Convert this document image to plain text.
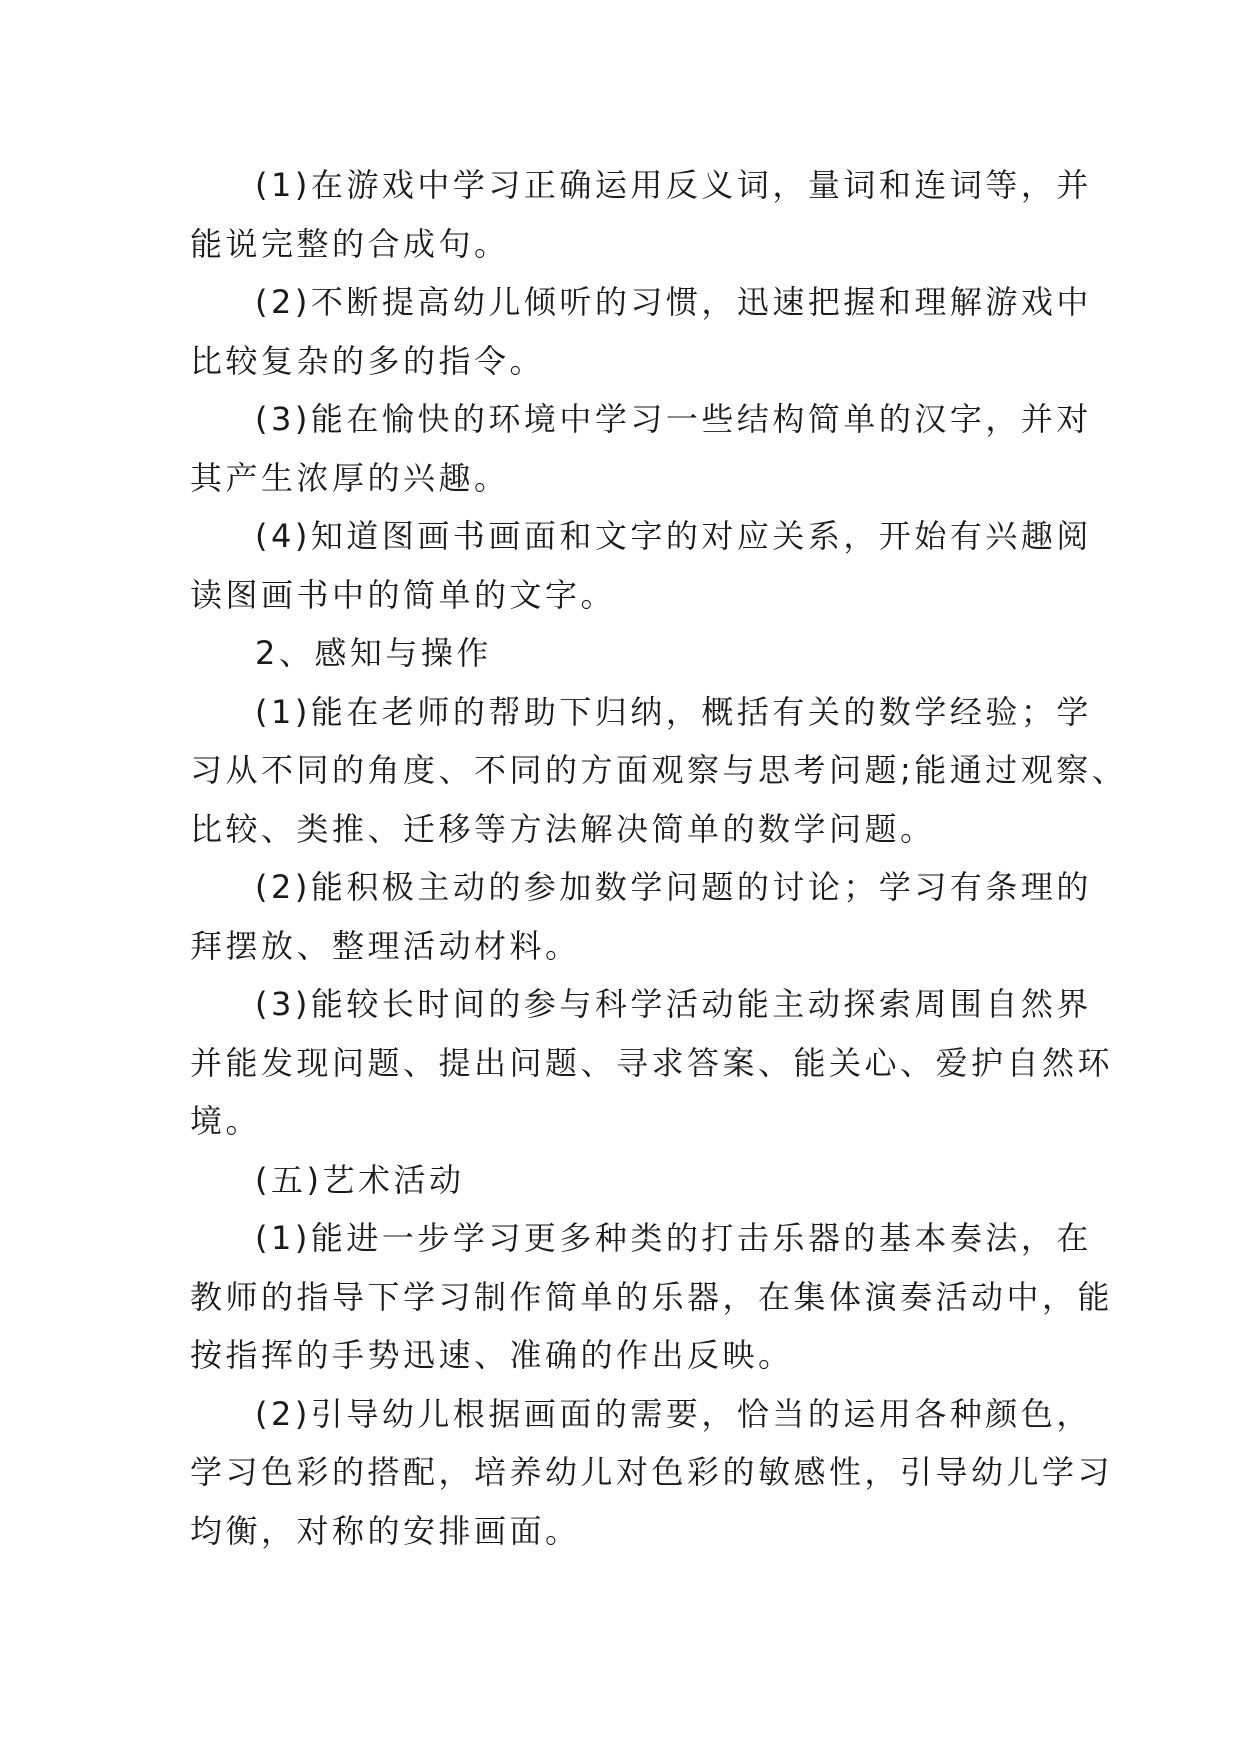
(1)在游戏中学习正确运用反义词，量词和连词等，并
能说完整的合成句。

(2)不断提高幼儿倾听的习惯，迅速把握和理解游戏中
比较复杂的多的指令。

(3)能在愉快的环境中学习一些结构简单的汉字，并对
其产生浓厚的兴趣。

(4)知道图画书画面和文字的对应关系，开始有兴趣阅
读图画书中的简单的文字。

2、感知与操作

(1)能在老师的帮助下归纳，概括有关的数学经验；学
习从不同的角度、不同的方面观察与思考问题;能通过观察、
比较、类推、迁移等方法解决简单的数学问题。

(2)能积极主动的参加数学问题的讨论；学习有条理的
拜摆放、整理活动材料。

(3)能较长时间的参与科学活动能主动探索周围自然界
并能发现问题、提出问题、寻求答案、能关心、爱护自然环
境。

(五)艺术活动

(1)能进一步学习更多种类的打击乐器的基本奏法，在
教师的指导下学习制作简单的乐器，在集体演奏活动中，能
按指挥的手势迅速、准确的作出反映。

(2)引导幼儿根据画面的需要，恰当的运用各种颜色，
学习色彩的搭配，培养幼儿对色彩的敏感性，引导幼儿学习
均衡，对称的安排画面。
